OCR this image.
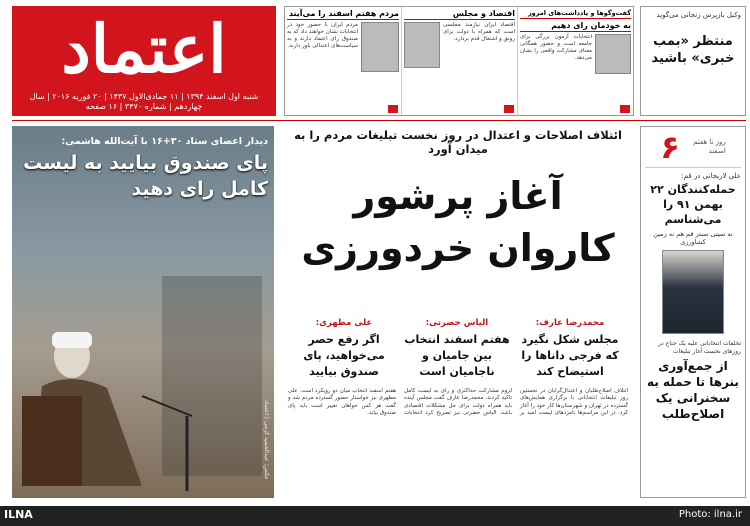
اعتماد
شنبه اول اسفند ۱۳۹۴ | ۱۱ جمادی‌الاول ۱۴۳۷ | ۲۰ فوریه ۲۰۱۶ | سال چهاردهم | شماره ۳۴۷۰ | ۱۶ صفحه
گفت‌وگوها و یادداشت‌های امروز
به خودمان رای دهیم
انتخابات آزمون بزرگی برای جامعه است و حضور همگانی معنای مشارکت واقعی را نشان می‌دهد.
اقتصاد و مجلس
اقتصاد ایران نیازمند مجلسی است که همراه با دولت برای رونق و اشتغال قدم بردارد.
مردم هفتم اسفند را می‌آیند
مردم ایران با حضور خود در انتخابات نشان خواهند داد که به صندوق رای اعتماد دارند و به سیاست‌های اعتدالی باور دارند.
وکیل‌ بازپرس زنجانی می‌گوید
منتظر «بمب خبری» باشید
دیدار اعضای ستاد ۳۰+۱۶ با آیت‌الله هاشمی:
پای صندوق بیایید به لیست کامل رای دهید
عکس: عبدالحمید کرمی | اعتماد
ائتلاف اصلاحات و اعتدال در روز نخست تبلیغات مردم را به میدان آورد
آغاز پرشور کاروان خردورزی
محمدرضا عارف:
مجلس شکل نگیرد که فرجی دانا‌ها را استیضاح کند
الیاس حضرتی:
هفتم اسفند انتخاب بین جامیان و ناجامیان است
علی مطهری:
اگر رفع حصر می‌خواهید، پای صندوق بیایید
ائتلاف اصلاح‌طلبان و اعتدال‌گرایان در نخستین روز تبلیغات انتخاباتی با برگزاری همایش‌های گسترده در تهران و شهرستان‌ها کار خود را آغاز کرد. در این مراسم‌ها نامزدهای لیست امید بر لزوم مشارکت حداکثری و رای به لیست کامل تاکید کردند. محمدرضا عارف گفت مجلس آینده باید همراه دولت برای حل مشکلات اقتصادی باشد. الیاس حضرتی نیز تصریح کرد انتخابات هفتم اسفند انتخاب میان دو رویکرد است. علی مطهری نیز خواستار حضور گسترده مردم شد و گفت هر کس خواهان تغییر است باید پای صندوق بیاید.
روز تا هفتم اسفند
۶
علی لاریجانی در قم:
حمله‌کنندگان ۲۲ بهمن ۹۱ را می‌شناسم
نه سیتی سنتر قم هم نه زمین کشاورزی
تخلفات انتخاباتی علیه یک جناح در روزهای نخست آغاز تبلیغات
از جمع‌آوری بنرها تا حمله به سخنرانی یک اصلاح‌طلب
ILNA	Photo: ilna.ir
